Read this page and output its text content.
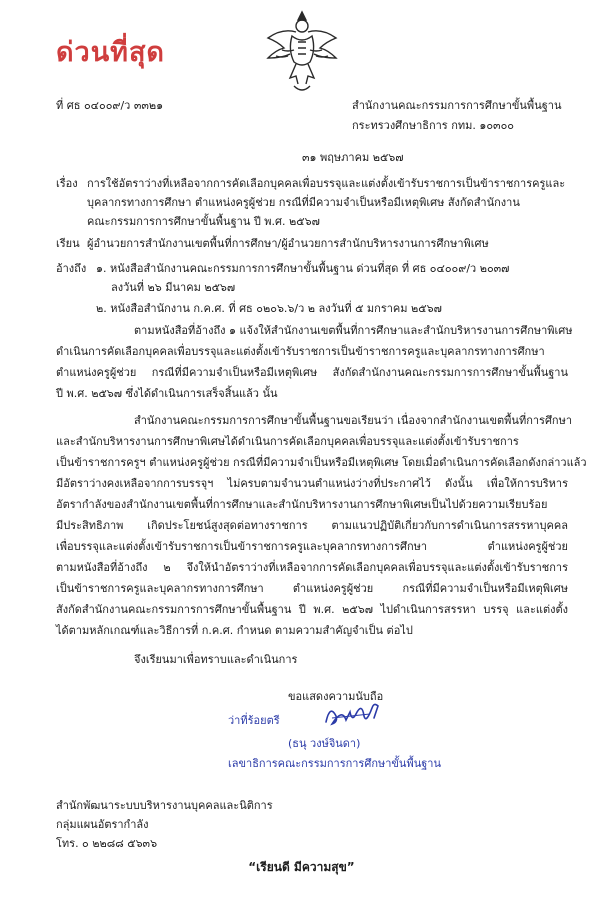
ด่วนที่สุด
ที่ ศธ ๐๔๐๐๙/ว ๓๓๒๑	สำนักงานคณะกรรมการการศึกษาขั้นพื้นฐาน
กระทรวงศึกษาธิการ กทม. ๑๐๓๐๐
๓๑ พฤษภาคม ๒๕๖๗
เรื่อง การใช้อัตราว่างที่เหลือจากการคัดเลือกบุคคลเพื่อบรรจุและแต่งตั้งเข้ารับราชการเป็นข้าราชการครูและ
บุคลากรทางการศึกษา ตำแหน่งครูผู้ช่วย กรณีที่มีความจำเป็นหรือมีเหตุพิเศษ สังกัดสำนักงาน
คณะกรรมการการศึกษาขั้นพื้นฐาน ปี พ.ศ. ๒๕๖๗
เรียน ผู้อำนวยการสำนักงานเขตพื้นที่การศึกษา/ผู้อำนวยการสำนักบริหารงานการศึกษาพิเศษ
อ้างถึง ๑. หนังสือสำนักงานคณะกรรมการการศึกษาขั้นพื้นฐาน ด่วนที่สุด ที่ ศธ ๐๔๐๐๙/ว ๒๐๓๗
ลงวันที่ ๒๖ มีนาคม ๒๕๖๗
๒. หนังสือสำนักงาน ก.ค.ศ. ที่ ศธ ๐๒๐๖.๖/ว ๒ ลงวันที่ ๕ มกราคม ๒๕๖๗
ตามหนังสือที่อ้างถึง ๑ แจ้งให้สำนักงานเขตพื้นที่การศึกษาและสำนักบริหารงานการศึกษาพิเศษ
ดำเนินการคัดเลือกบุคคลเพื่อบรรจุและแต่งตั้งเข้ารับราชการเป็นข้าราชการครูและบุคลากรทางการศึกษา
ตำแหน่งครูผู้ช่วย กรณีที่มีความจำเป็นหรือมีเหตุพิเศษ สังกัดสำนักงานคณะกรรมการการศึกษาขั้นพื้นฐาน
ปี พ.ศ. ๒๕๖๗ ซึ่งได้ดำเนินการเสร็จสิ้นแล้ว นั้น
สำนักงานคณะกรรมการการศึกษาขั้นพื้นฐานขอเรียนว่า เนื่องจากสำนักงานเขตพื้นที่การศึกษา
และสำนักบริหารงานการศึกษาพิเศษได้ดำเนินการคัดเลือกบุคคลเพื่อบรรจุและแต่งตั้งเข้ารับราชการ
เป็นข้าราชการครูฯ ตำแหน่งครูผู้ช่วย กรณีที่มีความจำเป็นหรือมีเหตุพิเศษ โดยเมื่อดำเนินการคัดเลือกดังกล่าวแล้ว
มีอัตราว่างคงเหลือจากการบรรจุฯ ไม่ครบตามจำนวนตำแหน่งว่างที่ประกาศไว้ ดังนั้น เพื่อให้การบริหาร
อัตรากำลังของสำนักงานเขตพื้นที่การศึกษาและสำนักบริหารงานการศึกษาพิเศษเป็นไปด้วยความเรียบร้อย
มีประสิทธิภาพ เกิดประโยชน์สูงสุดต่อทางราชการ ตามแนวปฏิบัติเกี่ยวกับการดำเนินการสรรหาบุคคล
เพื่อบรรจุและแต่งตั้งเข้ารับราชการเป็นข้าราชการครูและบุคลากรทางการศึกษา ตำแหน่งครูผู้ช่วย
ตามหนังสือที่อ้างถึง ๒ จึงให้นำอัตราว่างที่เหลือจากการคัดเลือกบุคคลเพื่อบรรจุและแต่งตั้งเข้ารับราชการ
เป็นข้าราชการครูและบุคลากรทางการศึกษา ตำแหน่งครูผู้ช่วย กรณีที่มีความจำเป็นหรือมีเหตุพิเศษ
สังกัดสำนักงานคณะกรรมการการศึกษาขั้นพื้นฐาน ปี พ.ศ. ๒๕๖๗ ไปดำเนินการสรรหา บรรจุ และแต่งตั้ง
ได้ตามหลักเกณฑ์และวิธีการที่ ก.ค.ศ. กำหนด ตามความสำคัญจำเป็น ต่อไป
จึงเรียนมาเพื่อทราบและดำเนินการ
ขอแสดงความนับถือ
ว่าที่ร้อยตรี
(ธนุ วงษ์จินดา)
เลขาธิการคณะกรรมการการศึกษาขั้นพื้นฐาน
สำนักพัฒนาระบบบริหารงานบุคคลและนิติการ
กลุ่มแผนอัตรากำลัง
โทร. ๐ ๒๒๘๘ ๕๖๓๖
“เรียนดี มีความสุข”
